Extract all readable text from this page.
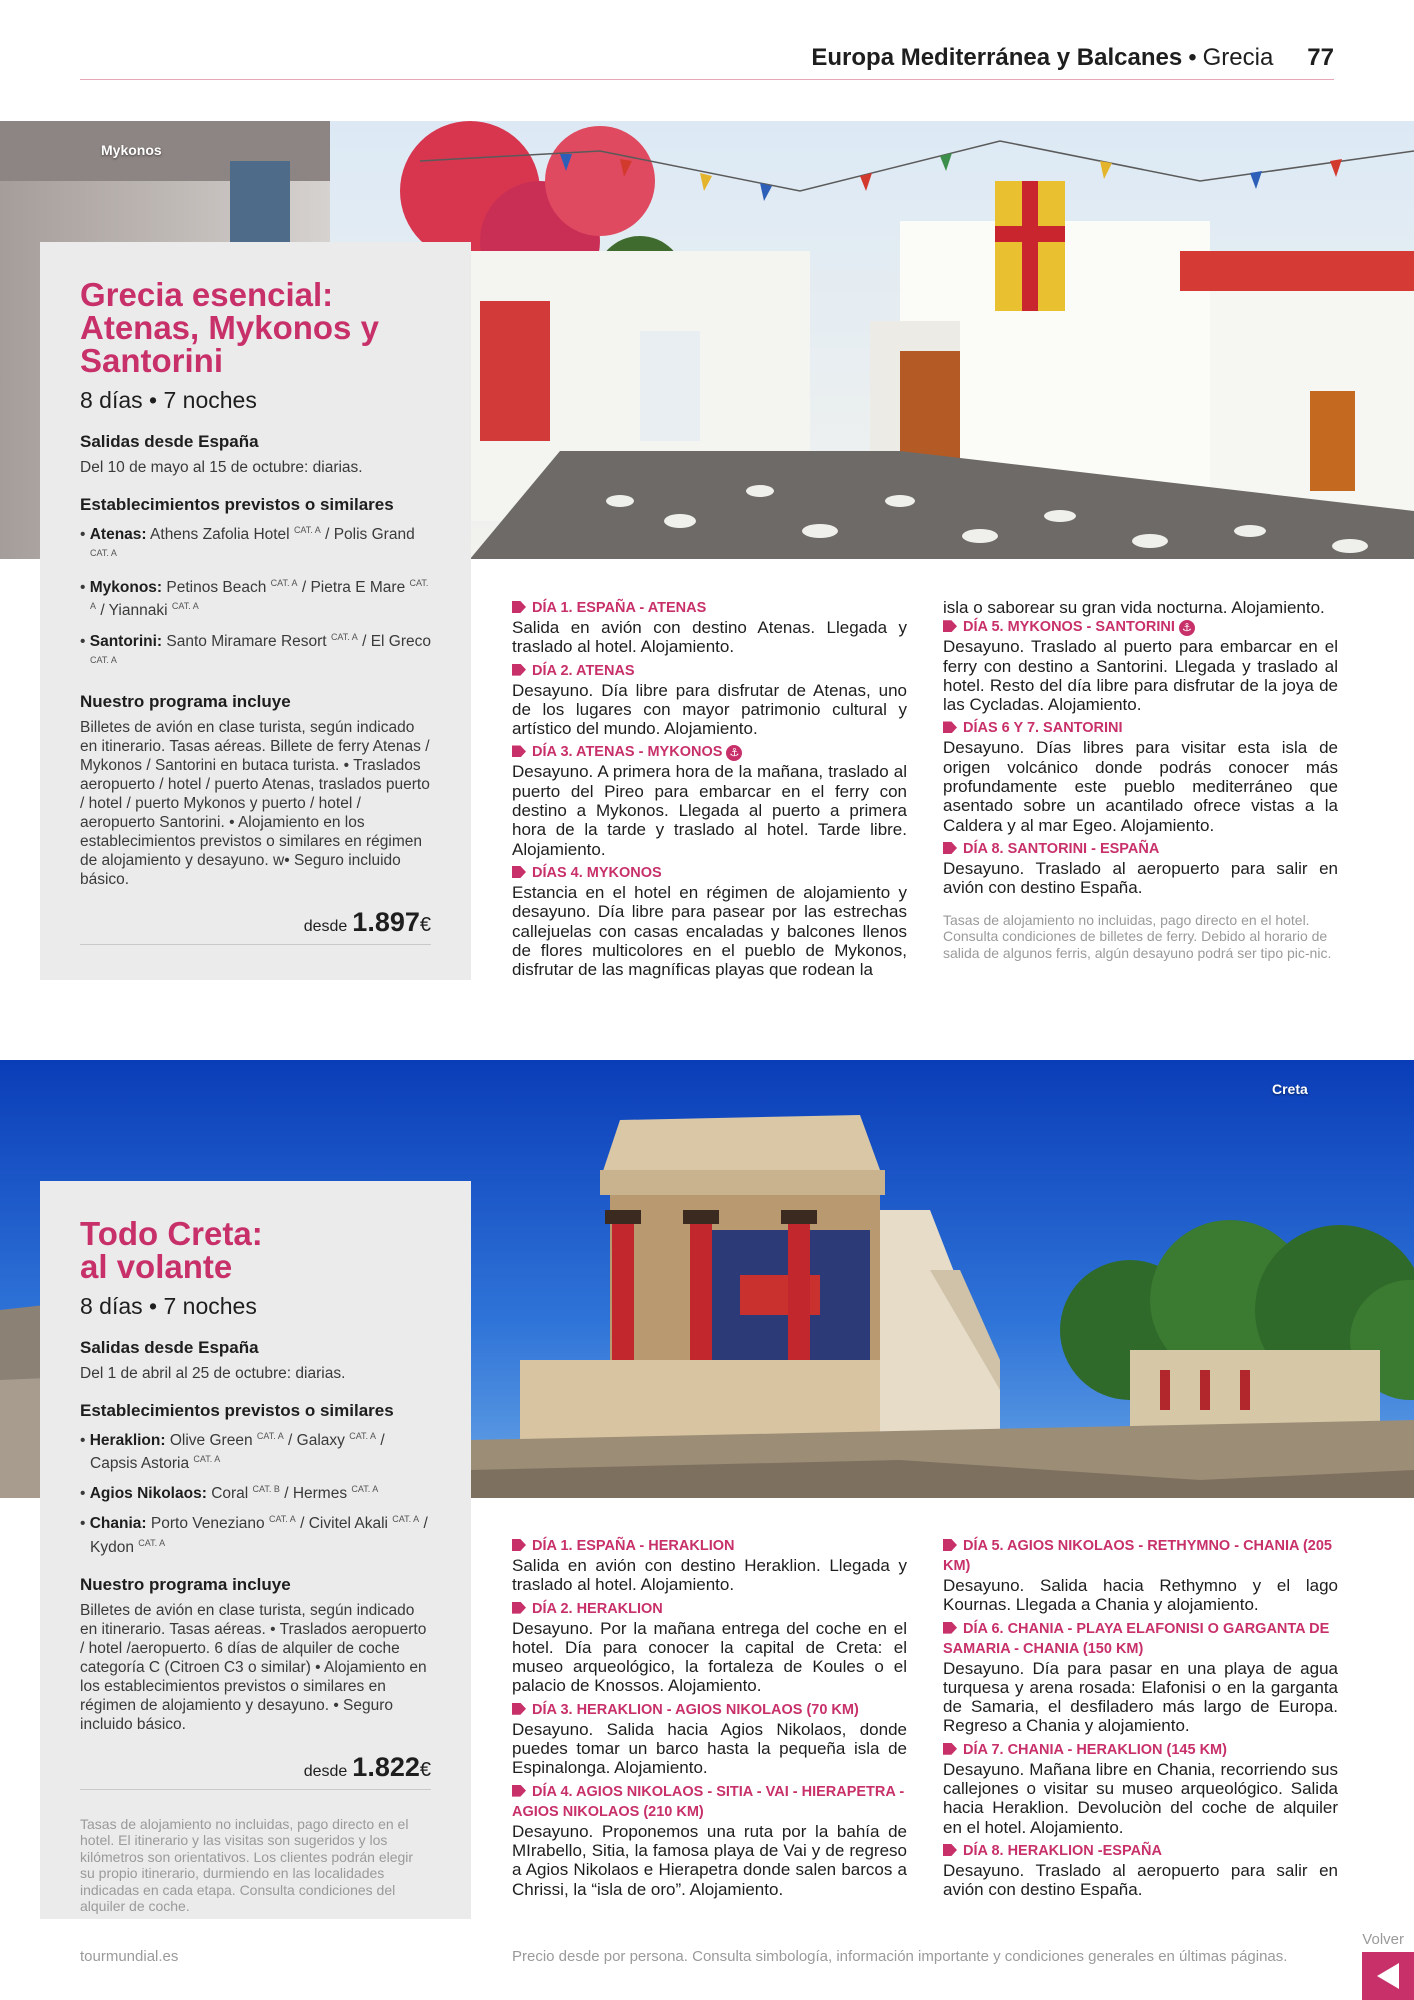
Europa Mediterránea y Balcanes • Grecia 77
Mykonos
Grecia esencial:
Atenas, Mykonos y
Santorini
8 días • 7 noches
Salidas desde España
Del 10 de mayo al 15 de octubre: diarias.
Establecimientos previstos o similares
• Atenas: Athens Zafolia Hotel $^{CAT. A}$ / Polis Grand $^{CAT. A}$
• Mykonos: Petinos Beach $^{CAT. A}$ / Pietra E Mare $^{CAT. A}$ / Yiannaki $^{CAT. A}$
• Santorini: Santo Miramare Resort $^{CAT. A}$ / El Greco $^{CAT. A}$
Nuestro programa incluye
Billetes de avión en clase turista, según indicado en itinerario. Tasas aéreas. Billete de ferry Atenas / Mykonos / Santorini en butaca turista. • Traslados aeropuerto / hotel / puerto Atenas, traslados puerto / hotel / puerto Mykonos y puerto / hotel / aeropuerto Santorini. • Alojamiento en los establecimientos previstos o similares en régimen de alojamiento y desayuno. w• Seguro incluido básico.
desde 1.897 €
DÍA 1. ESPAÑA - ATENAS
Salida en avión con destino Atenas. Llegada y traslado al hotel. Alojamiento.
DÍA 2. ATENAS
Desayuno. Día libre para disfrutar de Atenas, uno de los lugares con mayor patrimonio cultural y artístico del mundo. Alojamiento.
DÍA 3. ATENAS - MYKONOS ⚓
Desayuno. A primera hora de la mañana, traslado al puerto del Pireo para embarcar en el ferry con destino a Mykonos. Llegada al puerto a primera hora de la tarde y traslado al hotel. Tarde libre. Alojamiento.
DÍAS 4. MYKONOS
Estancia en el hotel en régimen de alojamiento y desayuno. Día libre para pasear por las estrechas callejuelas con casas encaladas y balcones llenos de flores multicolores en el pueblo de Mykonos, disfrutar de las magníficas playas que rodean la
isla o saborear su gran vida nocturna. Alojamiento.
DÍA 5. MYKONOS - SANTORINI ⚓
Desayuno. Traslado al puerto para embarcar en el ferry con destino a Santorini. Llegada y traslado al hotel. Resto del día libre para disfrutar de la joya de las Cycladas. Alojamiento.
DÍAS 6 Y 7. SANTORINI
Desayuno. Días libres para visitar esta isla de origen volcánico donde podrás conocer más profundamente este pueblo mediterráneo que asentado sobre un acantilado ofrece vistas a la Caldera y al mar Egeo. Alojamiento.
DÍA 8. SANTORINI - ESPAÑA
Desayuno. Traslado al aeropuerto para salir en avión con destino España.
Tasas de alojamiento no incluidas, pago directo en el hotel. Consulta condiciones de billetes de ferry. Debido al horario de salida de algunos ferris, algún desayuno podrá ser tipo pic-nic.
Creta
Todo Creta:
al volante
8 días • 7 noches
Salidas desde España
Del 1 de abril al 25 de octubre: diarias.
Establecimientos previstos o similares
• Heraklion: Olive Green $^{CAT. A}$ / Galaxy $^{CAT. A}$ / Capsis Astoria $^{CAT. A}$
• Agios Nikolaos: Coral $^{CAT. B}$ / Hermes $^{CAT. A}$
• Chania: Porto Veneziano $^{CAT. A}$ / Civitel Akali $^{CAT. A}$ / Kydon $^{CAT. A}$
Nuestro programa incluye
Billetes de avión en clase turista, según indicado en itinerario. Tasas aéreas. • Traslados aeropuerto / hotel /aeropuerto. 6 días de alquiler de coche categoría C (Citroen C3 o similar) • Alojamiento en los establecimientos previstos o similares en régimen de alojamiento y desayuno. • Seguro incluido básico.
desde 1.822 €
Tasas de alojamiento no incluidas, pago directo en el hotel. El itinerario y las visitas son sugeridos y los kilómetros son orientativos. Los clientes podrán elegir su propio itinerario, durmiendo en las localidades indicadas en cada etapa. Consulta condiciones del alquiler de coche.
DÍA 1. ESPAÑA - HERAKLION
Salida en avión con destino Heraklion. Llegada y traslado al hotel. Alojamiento.
DÍA 2. HERAKLION
Desayuno. Por la mañana entrega del coche en el hotel. Día para conocer la capital de Creta: el museo arqueológico, la fortaleza de Koules o el palacio de Knossos. Alojamiento.
DÍA 3. HERAKLION - AGIOS NIKOLAOS (70 KM)
Desayuno. Salida hacia Agios Nikolaos, donde puedes tomar un barco hasta la pequeña isla de Espinalonga. Alojamiento.
DÍA 4. AGIOS NIKOLAOS - SITIA - VAI - HIERAPETRA - AGIOS NIKOLAOS (210 KM)
Desayuno. Proponemos una ruta por la bahía de MIrabello, Sitia, la famosa playa de Vai y de regreso a Agios Nikolaos e Hierapetra donde salen barcos a Chrissi, la “isla de oro”. Alojamiento.
DÍA 5. AGIOS NIKOLAOS - RETHYMNO - CHANIA (205 KM)
Desayuno. Salida hacia Rethymno y el lago Kournas. Llegada a Chania y alojamiento.
DÍA 6. CHANIA - PLAYA ELAFONISI O GARGANTA DE SAMARIA - CHANIA (150 KM)
Desayuno. Día para pasar en una playa de agua turquesa y arena rosada: Elafonisi o en la garganta de Samaria, el desfiladero más largo de Europa. Regreso a Chania y alojamiento.
DÍA 7. CHANIA - HERAKLION (145 KM)
Desayuno. Mañana libre en Chania, recorriendo sus callejones o visitar su museo arqueológico. Salida hacia Heraklion. Devoluciòn del coche de alquiler en el hotel. Alojamiento.
DÍA 8. HERAKLION -ESPAÑA
Desayuno. Traslado al aeropuerto para salir en avión con destino España.
tourmundial.es	Precio desde por persona. Consulta simbología, información importante y condiciones generales en últimas páginas.
Volver
